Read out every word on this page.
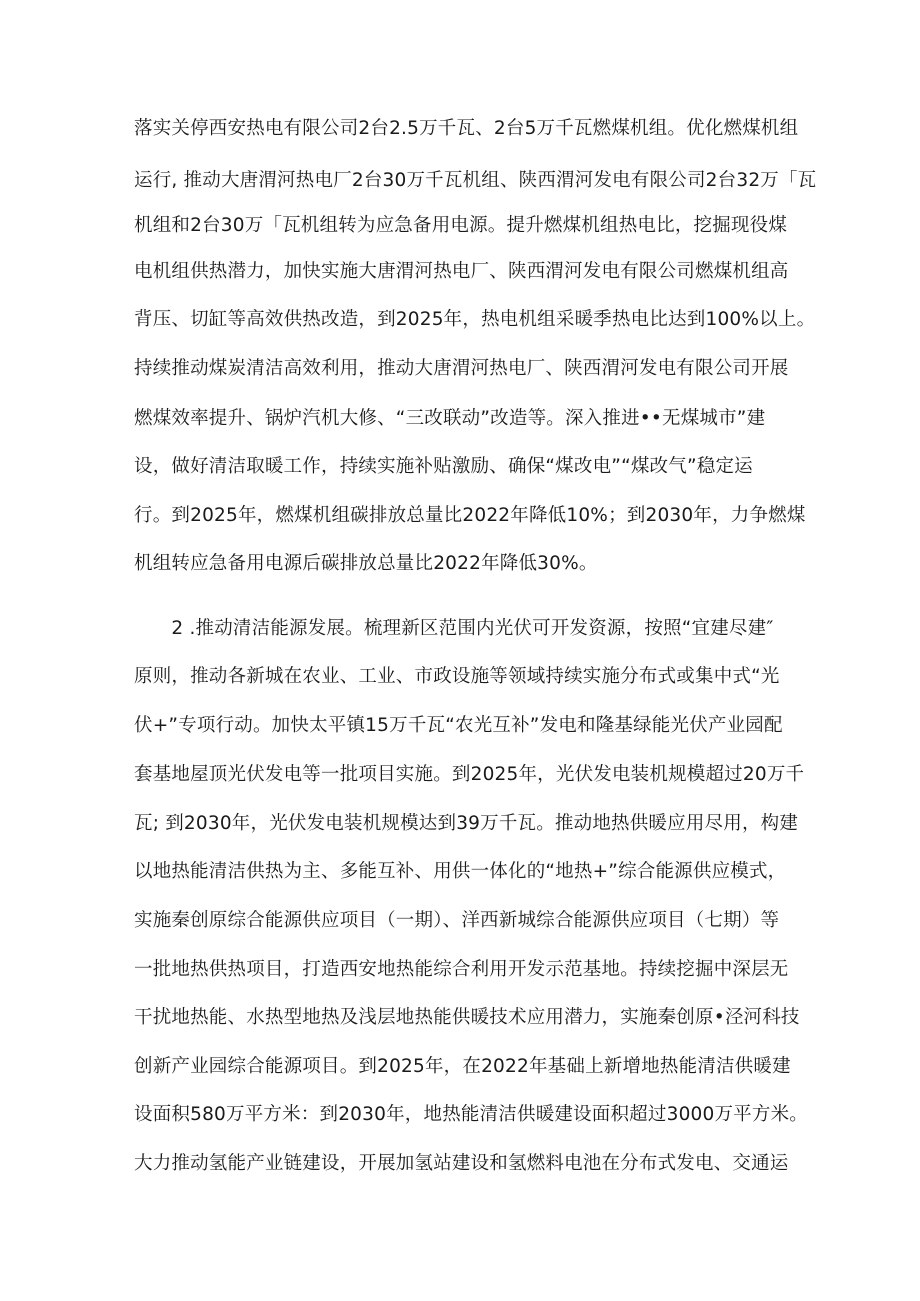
落实关停西安热电有限公司2台2.5万千瓦、2台5万千瓦燃煤机组。优化燃煤机组
运行, 推动大唐渭河热电厂2台30万千瓦机组、陕西渭河发电有限公司2台32万「瓦
机组和2台30万「瓦机组转为应急备用电源。提升燃煤机组热电比，挖掘现役煤
电机组供热潜力，加快实施大唐渭河热电厂、陕西渭河发电有限公司燃煤机组高
背压、切缸等高效供热改造，到2025年，热电机组采暖季热电比达到100%以上。
持续推动煤炭清洁高效利用，推动大唐渭河热电厂、陕西渭河发电有限公司开展
燃煤效率提升、锅炉汽机大修、“三改联动”改造等。深入推进••无煤城市”建
设，做好清洁取暖工作，持续实施补贴激励、确保“煤改电”“煤改气”稳定运
行。到2025年，燃煤机组碳排放总量比2022年降低10%；到2030年，力争燃煤
机组转应急备用电源后碳排放总量比2022年降低30%。
　　2 .推动清洁能源发展。梳理新区范围内光伏可开发资源，按照“宜建尽建″
原则，推动各新城在农业、工业、市政设施等领域持续实施分布式或集中式“光
伏+”专项行动。加快太平镇15万千瓦“农光互补”发电和隆基绿能光伏产业园配
套基地屋顶光伏发电等一批项目实施。到2025年，光伏发电装机规模超过20万千
瓦; 到2030年，光伏发电装机规模达到39万千瓦。推动地热供暖应用尽用，构建
以地热能清洁供热为主、多能互补、用供一体化的“地热+”综合能源供应模式，
实施秦创原综合能源供应项目（一期）、洋西新城综合能源供应项目（七期）等
一批地热供热项目，打造西安地热能综合利用开发示范基地。持续挖掘中深层无
干扰地热能、水热型地热及浅层地热能供暖技术应用潜力，实施秦创原•泾河科技
创新产业园综合能源项目。到2025年，在2022年基础上新增地热能清洁供暖建
设面积580万平方米：到2030年，地热能清洁供暖建设面积超过3000万平方米。
大力推动氢能产业链建设，开展加氢站建设和氢燃料电池在分布式发电、交通运
